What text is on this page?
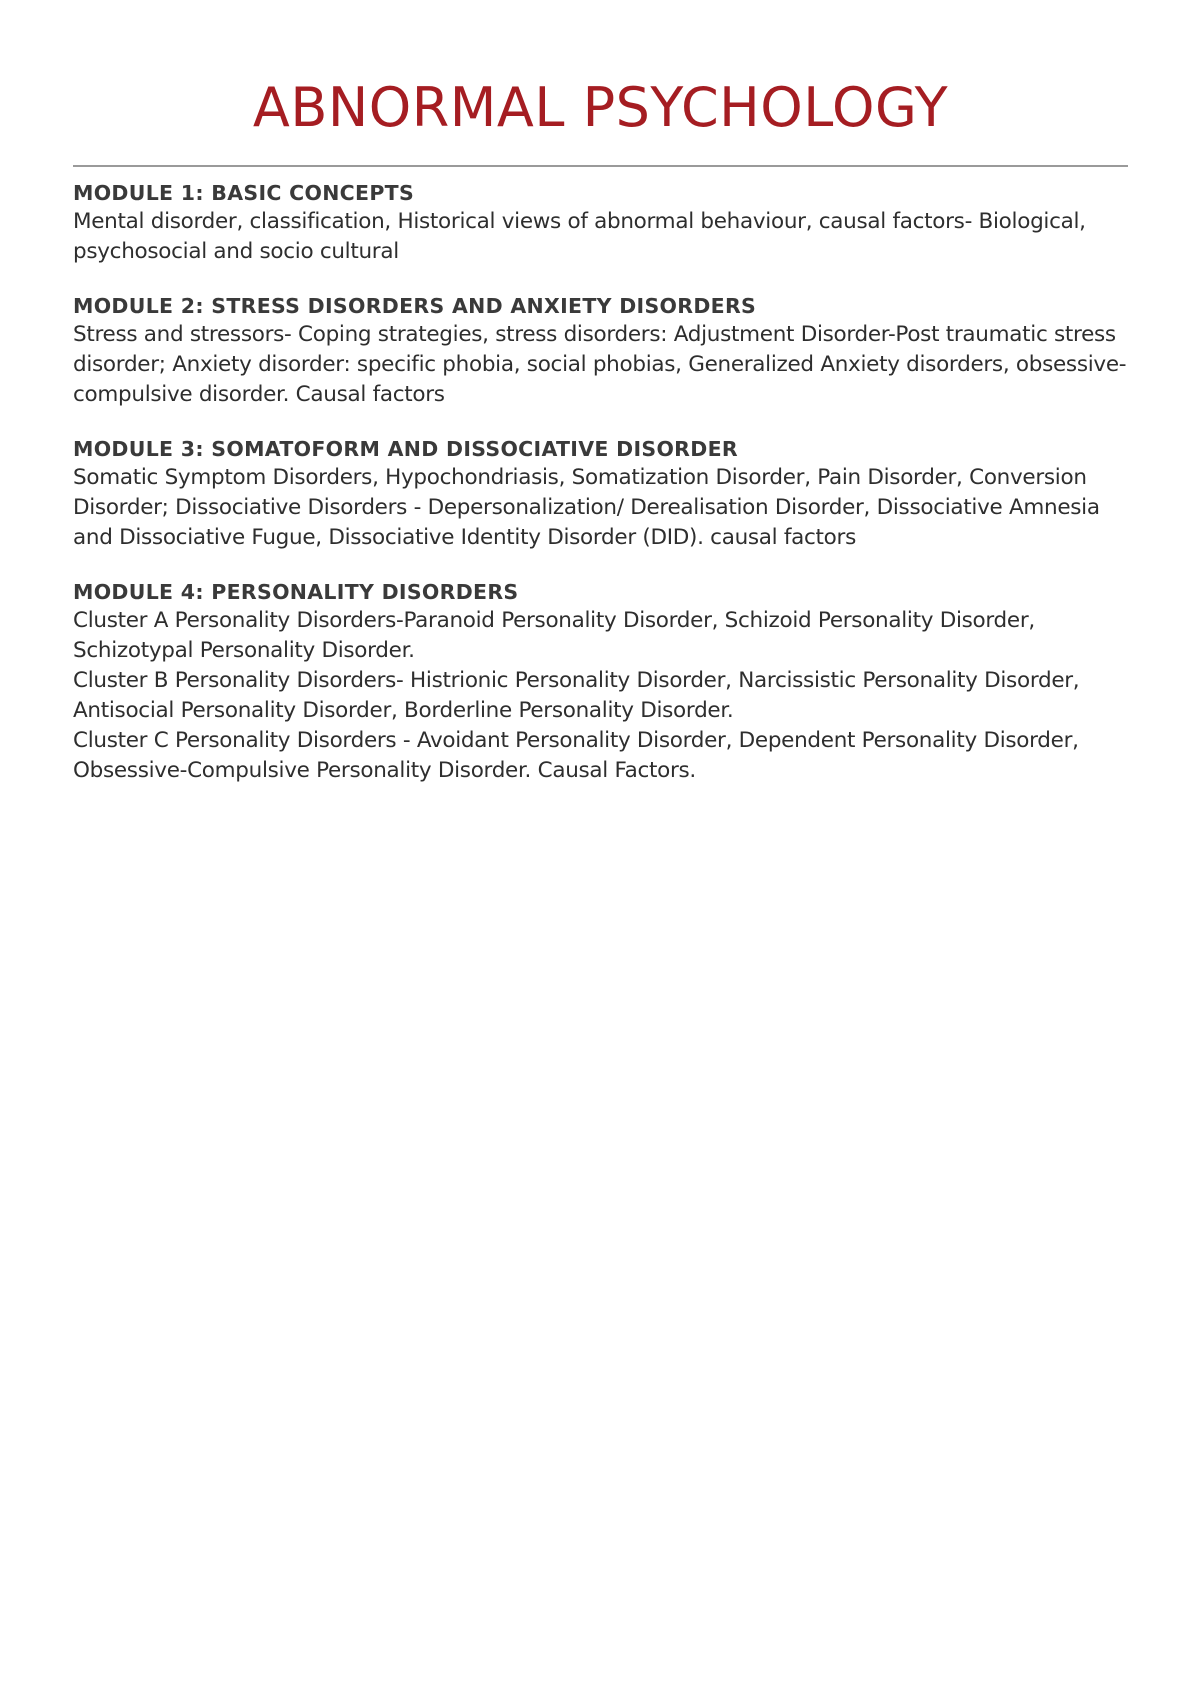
ABNORMAL PSYCHOLOGY
MODULE 1: BASIC CONCEPTS

Mental disorder, classification, Historical views of abnormal behaviour, causal factors- Biological, psychosocial and socio cultural

MODULE 2: STRESS DISORDERS AND ANXIETY DISORDERS

Stress and stressors- Coping strategies, stress disorders: Adjustment Disorder-Post traumatic stress disorder; Anxiety disorder: specific phobia, social phobias, Generalized Anxiety disorders, obsessive-compulsive disorder. Causal factors

MODULE 3: SOMATOFORM AND DISSOCIATIVE DISORDER

Somatic Symptom Disorders, Hypochondriasis, Somatization Disorder, Pain Disorder, Conversion Disorder; Dissociative Disorders - Depersonalization/ Derealisation Disorder, Dissociative Amnesia and Dissociative Fugue, Dissociative Identity Disorder (DID). causal factors

MODULE 4: PERSONALITY DISORDERS

Cluster A Personality Disorders-Paranoid Personality Disorder, Schizoid Personality Disorder, Schizotypal Personality Disorder.

Cluster B Personality Disorders- Histrionic Personality Disorder, Narcissistic Personality Disorder, Antisocial Personality Disorder, Borderline Personality Disorder.

Cluster C Personality Disorders - Avoidant Personality Disorder, Dependent Personality Disorder, Obsessive-Compulsive Personality Disorder. Causal Factors.
